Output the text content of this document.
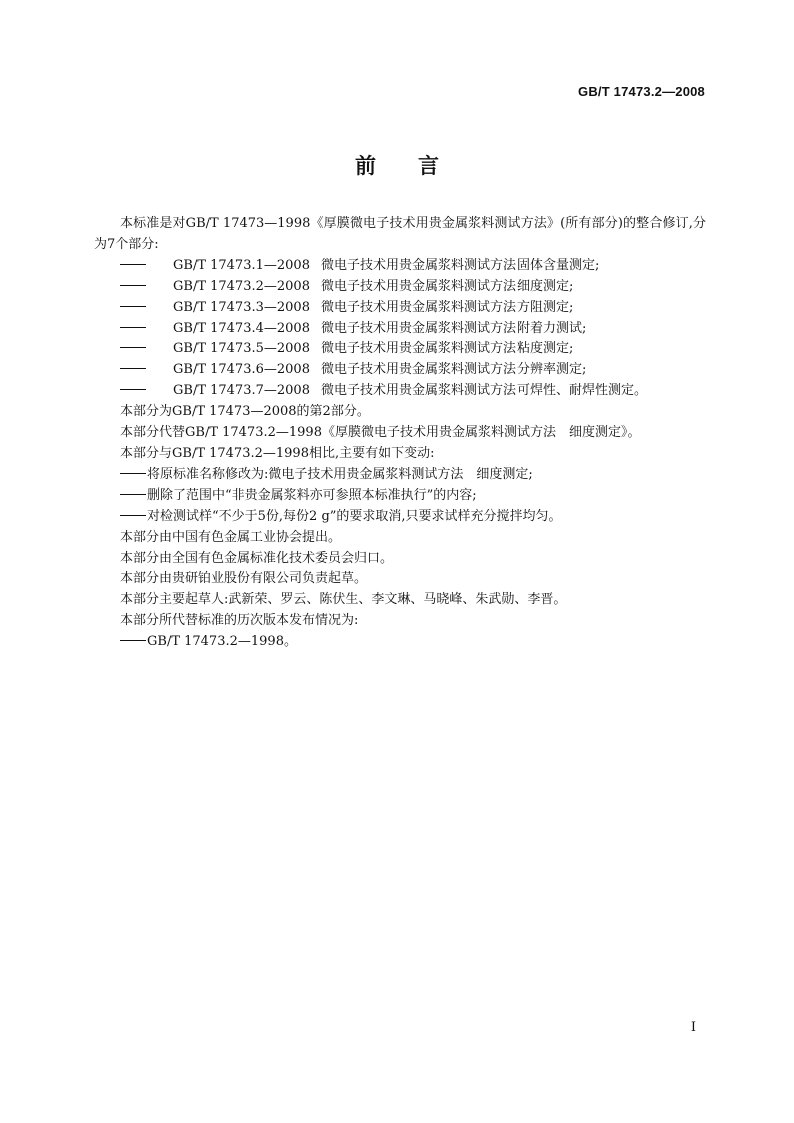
GB/T 17473.2—2008
前 言

本标准是对GB/T 17473—1998《厚膜微电子技术用贵金属浆料测试方法》(所有部分)的整合修订,分为7个部分:

GB/T 17473.1—2008 微电子技术用贵金属浆料测试方法固体含量测定;

GB/T 17473.2—2008 微电子技术用贵金属浆料测试方法细度测定;

GB/T 17473.3—2008 微电子技术用贵金属浆料测试方法方阻测定;

GB/T 17473.4—2008 微电子技术用贵金属浆料测试方法附着力测试;

GB/T 17473.5—2008 微电子技术用贵金属浆料测试方法粘度测定;

GB/T 17473.6—2008 微电子技术用贵金属浆料测试方法分辨率测定;

GB/T 17473.7—2008 微电子技术用贵金属浆料测试方法可焊性、耐焊性测定。

本部分为GB/T 17473—2008的第2部分。

本部分代替GB/T 17473.2—1998《厚膜微电子技术用贵金属浆料测试方法　细度测定》。

本部分与GB/T 17473.2—1998相比,主要有如下变动:

将原标准名称修改为:微电子技术用贵金属浆料测试方法　细度测定;

删除了范围中“非贵金属浆料亦可参照本标准执行”的内容;

对检测试样“不少于5份,每份2 g”的要求取消,只要求试样充分搅拌均匀。

本部分由中国有色金属工业协会提出。

本部分由全国有色金属标准化技术委员会归口。

本部分由贵研铂业股份有限公司负责起草。

本部分主要起草人:武新荣、罗云、陈伏生、李文琳、马晓峰、朱武勋、李晋。

本部分所代替标准的历次版本发布情况为:

GB/T 17473.2—1998。

I
